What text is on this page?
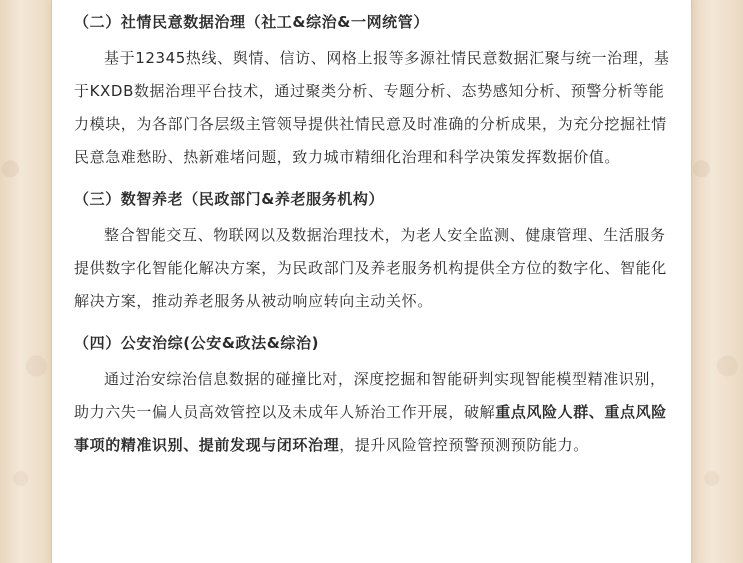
（二）社情民意数据治理（社工&综治&一网统管）

基于12345热线、舆情、信访、网格上报等多源社情民意数据汇聚与统一治理，基于KXDB数据治理平台技术，通过聚类分析、专题分析、态势感知分析、预警分析等能力模块，为各部门各层级主管领导提供社情民意及时准确的分析成果，为充分挖掘社情民意急难愁盼、热新难堵问题，致力城市精细化治理和科学决策发挥数据价值。

（三）数智养老（民政部门&养老服务机构）

整合智能交互、物联网以及数据治理技术，为老人安全监测、健康管理、生活服务提供数字化智能化解决方案，为民政部门及养老服务机构提供全方位的数字化、智能化解决方案，推动养老服务从被动响应转向主动关怀。

（四）公安治综(公安&政法&综治)

通过治安综治信息数据的碰撞比对，深度挖掘和智能研判实现智能模型精准识别，助力六失一偏人员高效管控以及未成年人矫治工作开展，破解重点风险人群、重点风险事项的精准识别、提前发现与闭环治理，提升风险管控预警预测预防能力。
